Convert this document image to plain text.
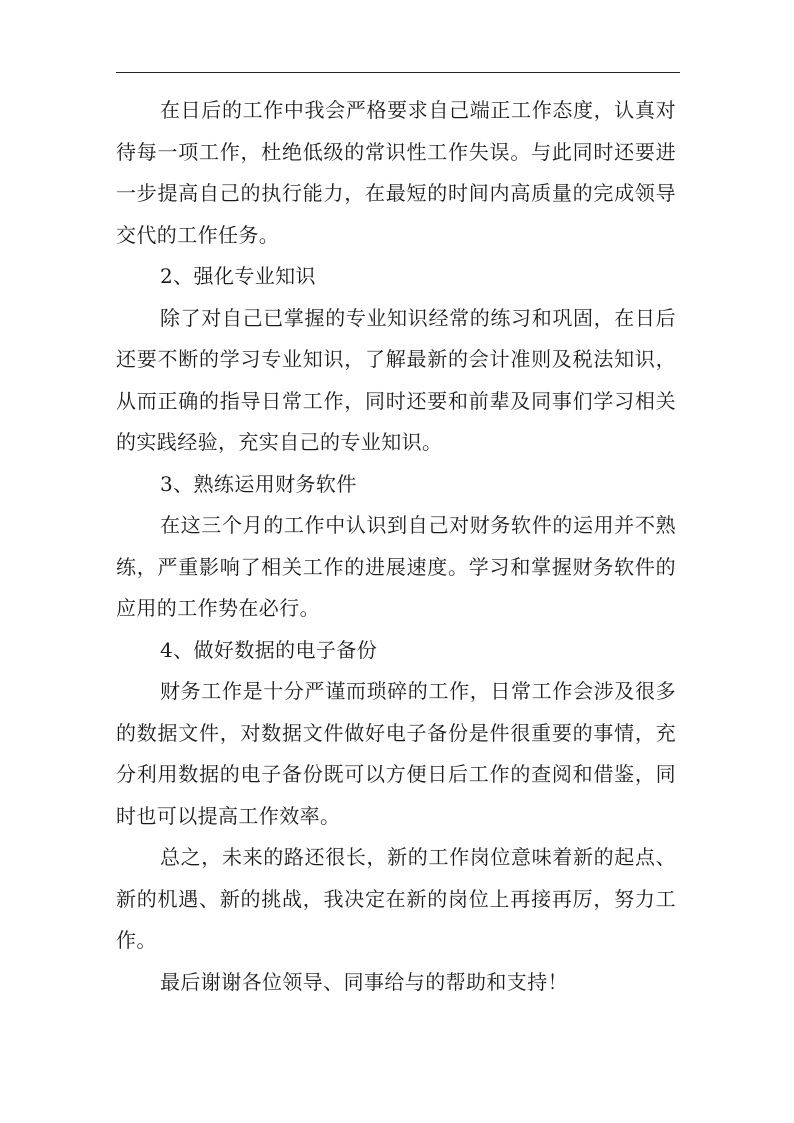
在日后的工作中我会严格要求自己端正工作态度，认真对待每一项工作，杜绝低级的常识性工作失误。与此同时还要进一步提高自己的执行能力，在最短的时间内高质量的完成领导交代的工作任务。

2、强化专业知识

除了对自己已掌握的专业知识经常的练习和巩固，在日后还要不断的学习专业知识，了解最新的会计准则及税法知识，从而正确的指导日常工作，同时还要和前辈及同事们学习相关的实践经验，充实自己的专业知识。

3、熟练运用财务软件

在这三个月的工作中认识到自己对财务软件的运用并不熟练，严重影响了相关工作的进展速度。学习和掌握财务软件的应用的工作势在必行。

4、做好数据的电子备份

财务工作是十分严谨而琐碎的工作，日常工作会涉及很多的数据文件，对数据文件做好电子备份是件很重要的事情，充分利用数据的电子备份既可以方便日后工作的查阅和借鉴，同时也可以提高工作效率。

总之，未来的路还很长，新的工作岗位意味着新的起点、新的机遇、新的挑战，我决定在新的岗位上再接再厉，努力工作。

最后谢谢各位领导、同事给与的帮助和支持！
